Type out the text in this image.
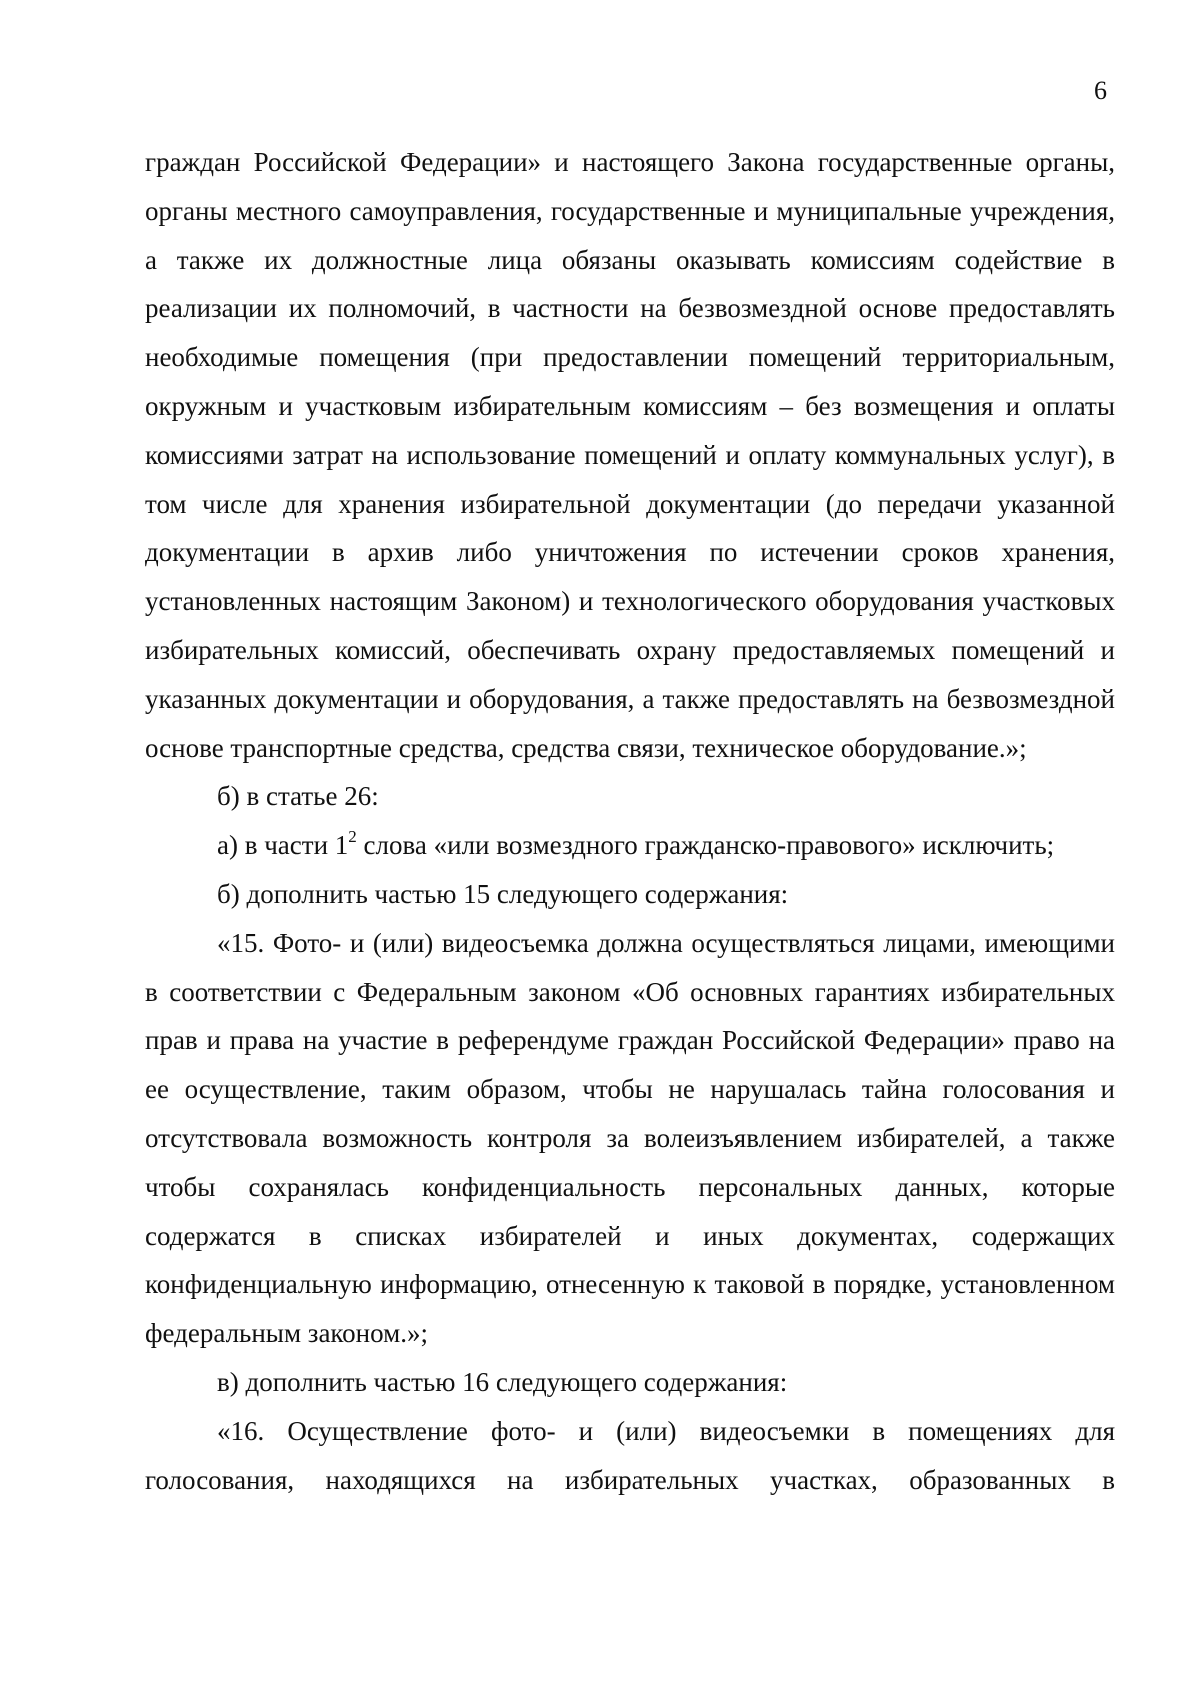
6

граждан Российской Федерации» и настоящего Закона государственные органы, органы местного самоуправления, государственные и муниципальные учреждения, а также их должностные лица обязаны оказывать комиссиям содействие в реализации их полномочий, в частности на безвозмездной основе предоставлять необходимые помещения (при предоставлении помещений территориальным, окружным и участковым избирательным комиссиям – без возмещения и оплаты комиссиями затрат на использование помещений и оплату коммунальных услуг), в том числе для хранения избирательной документации (до передачи указанной документации в архив либо уничтожения по истечении сроков хранения, установленных настоящим Законом) и технологического оборудования участковых избирательных комиссий, обеспечивать охрану предоставляемых помещений и указанных документации и оборудования, а также предоставлять на безвозмездной основе транспортные средства, средства связи, техническое оборудование.»;

б) в статье 26:

а) в части $1^2$ слова «или возмездного гражданско-правового» исключить;

б) дополнить частью 15 следующего содержания:

«15. Фото- и (или) видеосъемка должна осуществляться лицами, имеющими в соответствии с Федеральным законом «Об основных гарантиях избирательных прав и права на участие в референдуме граждан Российской Федерации» право на ее осуществление, таким образом, чтобы не нарушалась тайна голосования и отсутствовала возможность контроля за волеизъявлением избирателей, а также чтобы сохранялась конфиденциальность персональных данных, которые содержатся в списках избирателей и иных документах, содержащих конфиденциальную информацию, отнесенную к таковой в порядке, установленном федеральным законом.»;

в) дополнить частью 16 следующего содержания:

«16. Осуществление фото- и (или) видеосъемки в помещениях для голосования, находящихся на избирательных участках, образованных в
